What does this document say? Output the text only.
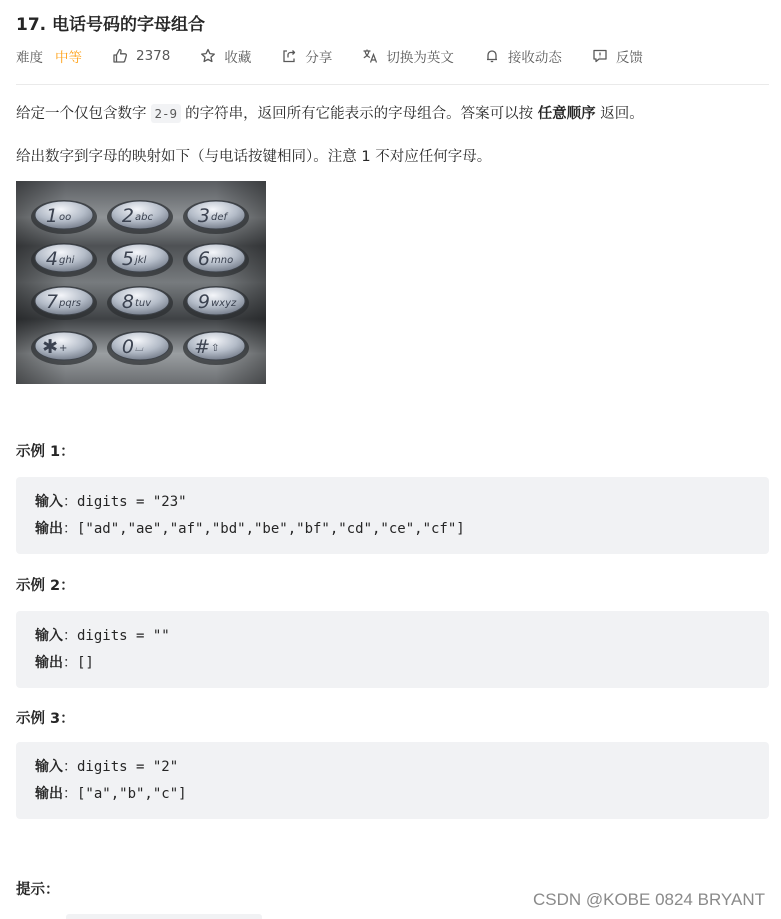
17. 电话号码的字母组合
难度 中等	2378	收藏	分享	切换为英文	接收动态	反馈
给定一个仅包含数字 2-9 的字符串，返回所有它能表示的字母组合。答案可以按 任意顺序 返回。
给出数字到字母的映射如下（与电话按键相同）。注意 1 不对应任何字母。
1 ᴏᴏ	2 abc 3 def
4 ghi 5 jkl	6 mno
7 pqrs 8 tuv 9 wxyz
✱ +	0 ⌴	# ⇧
示例 1：
输入：digits = "23"
输出：["ad","ae","af","bd","be","bf","cd","ce","cf"]
示例 2：
输入：digits = ""
输出：[]
示例 3：
输入：digits = "2"
输出：["a","b","c"]
提示：	CSDN @KOBE 0824 BRYANT
